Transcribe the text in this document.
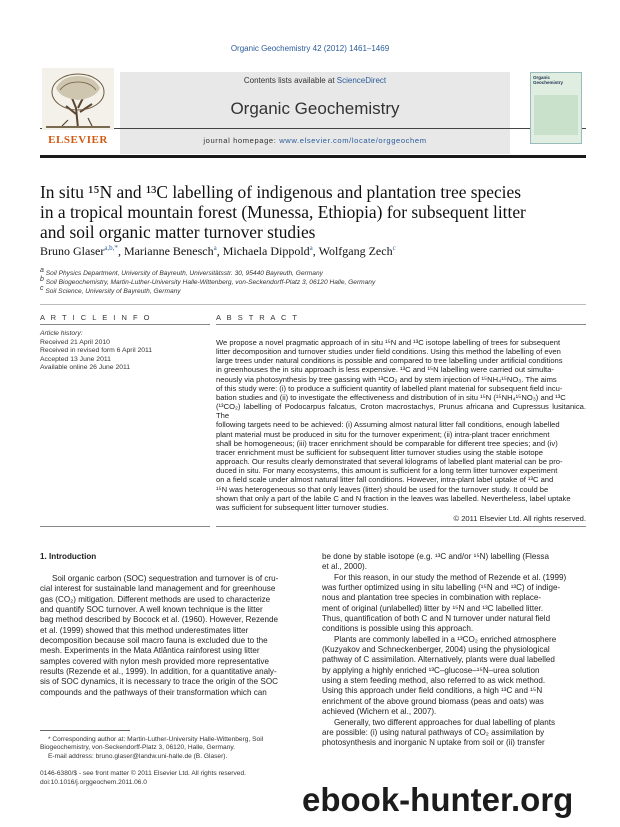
Organic Geochemistry 42 (2012) 1461–1469
Contents lists available at ScienceDirect
Organic Geochemistry
journal homepage: www.elsevier.com/locate/orggeochem
ELSEVIER
Organic Geochemistry
In situ ¹⁵N and ¹³C labelling of indigenous and plantation tree species
in a tropical mountain forest (Munessa, Ethiopia) for subsequent litter
and soil organic matter turnover studies
Bruno Glaser$^{a,b,*}$, Marianne Benesch$^a$, Michaela Dippold$^a$, Wolfgang Zech$^c$
$^a$ Soil Physics Department, University of Bayreuth, Universitätsstr. 30, 95440 Bayreuth, Germany
$^b$ Soil Biogeochemistry, Martin-Luther-University Halle-Wittenberg, von-Seckendorff-Platz 3, 06120 Halle, Germany
$^c$ Soil Science, University of Bayreuth, Germany
A R T I C L E I N F O
Article history:
Received 21 April 2010
Received in revised form 6 April 2011
Accepted 13 June 2011
Available online 26 June 2011
A B S T R A C T
We propose a novel pragmatic approach of in situ ¹⁵N and ¹³C isotope labelling of trees for subsequent
litter decomposition and turnover studies under field conditions. Using this method the labelling of even
large trees under natural conditions is possible and compared to tree labelling under artificial conditions
in greenhouses the in situ approach is less expensive. ¹³C and ¹⁵N labelling were carried out simulta-
neously via photosynthesis by tree gassing with ¹³CO₂ and by stem injection of ¹⁵NH₄¹⁵NO₃. The aims
of this study were: (i) to produce a sufficient quantity of labelled plant material for subsequent field incu-
bation studies and (ii) to investigate the effectiveness and distribution of in situ ¹⁵N (¹⁵NH₄¹⁵NO₃) and ¹³C
(¹³CO₂) labelling of Podocarpus falcatus, Croton macrostachys, Prunus africana and Cupressus lusitanica. The
following targets need to be achieved: (i) Assuming almost natural litter fall conditions, enough labelled
plant material must be produced in situ for the turnover experiment; (ii) intra-plant tracer enrichment
shall be homogeneous; (iii) tracer enrichment should be comparable for different tree species; and (iv)
tracer enrichment must be sufficient for subsequent litter turnover studies using the stable isotope
approach. Our results clearly demonstrated that several kilograms of labelled plant material can be pro-
duced in situ. For many ecosystems, this amount is sufficient for a long term litter turnover experiment
on a field scale under almost natural litter fall conditions. However, intra-plant label uptake of ¹³C and
¹⁵N was heterogeneous so that only leaves (litter) should be used for the turnover study. It could be
shown that only a part of the labile C and N fraction in the leaves was labelled. Nevertheless, label uptake
was sufficient for subsequent litter turnover studies.
© 2011 Elsevier Ltd. All rights reserved.
1. Introduction
Soil organic carbon (SOC) sequestration and turnover is of cru-
cial interest for sustainable land management and for greenhouse
gas (CO₂) mitigation. Different methods are used to characterize
and quantify SOC turnover. A well known technique is the litter
bag method described by Bocock et al. (1960). However, Rezende
et al. (1999) showed that this method underestimates litter
decomposition because soil macro fauna is excluded due to the
mesh. Experiments in the Mata Atlântica rainforest using litter
samples covered with nylon mesh provided more representative
results (Rezende et al., 1999). In addition, for a quantitative analy-
sis of SOC dynamics, it is necessary to trace the origin of the SOC
compounds and the pathways of their transformation which can
* Corresponding author at: Martin-Luther-University Halle-Wittenberg, Soil
Biogeochemistry, von-Seckendorff-Platz 3, 06120, Halle, Germany.
E-mail address: bruno.glaser@landw.uni-halle.de (B. Glaser).
0146-6380/$ - see front matter © 2011 Elsevier Ltd. All rights reserved.
doi:10.1016/j.orggeochem.2011.06.0
be done by stable isotope (e.g. ¹³C and/or ¹⁵N) labelling (Flessa
et al., 2000).
For this reason, in our study the method of Rezende et al. (1999)
was further optimized using in situ labelling (¹⁵N and ¹³C) of indige-
nous and plantation tree species in combination with replace-
ment of original (unlabelled) litter by ¹⁵N and ¹³C labelled litter.
Thus, quantification of both C and N turnover under natural field
conditions is possible using this approach.
Plants are commonly labelled in a ¹³CO₂ enriched atmosphere
(Kuzyakov and Schneckenberger, 2004) using the physiological
pathway of C assimilation. Alternatively, plants were dual labelled
by applying a highly enriched ¹³C–glucose–¹⁵N–urea solution
using a stem feeding method, also referred to as wick method.
Using this approach under field conditions, a high ¹³C and ¹⁵N
enrichment of the above ground biomass (peas and oats) was
achieved (Wichern et al., 2007).
Generally, two different approaches for dual labelling of plants
are possible: (i) using natural pathways of CO₂ assimilation by
photosynthesis and inorganic N uptake from soil or (ii) transfer
ebook-hunter.org
